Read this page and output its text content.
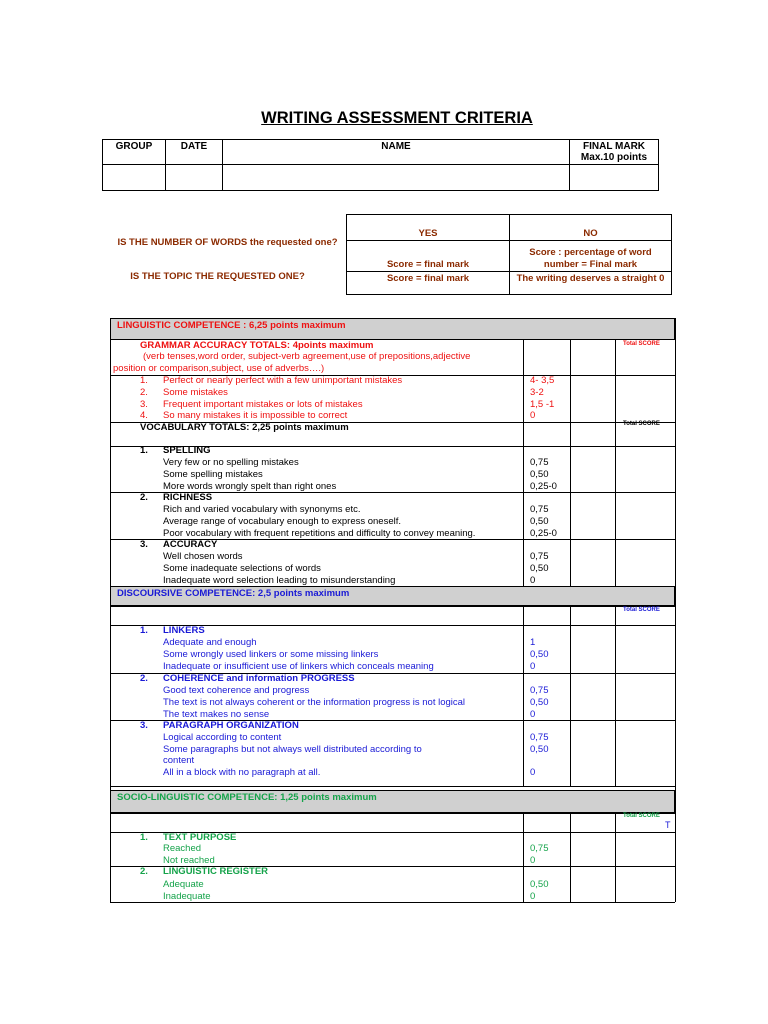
WRITING ASSESSMENT CRITERIA
GROUP	DATE	NAME	FINAL MARK
Max.10 points

IS THE NUMBER OF WORDS the requested one?
IS THE TOPIC THE REQUESTED ONE?
YES	NO
Score = final mark	Score : percentage of word number = Final mark
Score = final mark	The writing deserves a straight 0
LINGUISTIC COMPETENCE : 6,25 points maximum
GRAMMAR ACCURACY TOTALS: 4points maximum
(verb tenses,word order, subject-verb agreement,use of prepositions,adjective
position or comparison,subject, use of adverbs….)
Total SCORE
1. Perfect or nearly perfect with a few unimportant mistakes	4- 3,5
2. Some mistakes	3-2
3. Frequent important mistakes or lots of mistakes	1,5 -1
4. So many mistakes it is impossible to correct	0
VOCABULARY TOTALS: 2,25 points maximum	Total SCORE
1. SPELLING
Very few or no spelling mistakes	0,75
Some spelling mistakes	0,50
More words wrongly spelt than right ones	0,25-0
2. RICHNESS
Rich and varied vocabulary with synonyms etc.	0,75
Average range of vocabulary enough to express oneself.	0,50
Poor vocabulary with frequent repetitions and difficulty to convey meaning.	0,25-0
3. ACCURACY
Well chosen words	0,75
Some inadequate selections of words	0,50
Inadequate word selection leading to misunderstanding	0
DISCOURSIVE COMPETENCE: 2,5 points maximum
Total SCORE
1. LINKERS
Adequate and enough	1
Some wrongly used linkers or some missing linkers	0,50
Inadequate or insufficient use of linkers which conceals meaning	0
2. COHERENCE and information PROGRESS
Good text coherence and progress	0,75
The text is not always coherent or the information progress is not logical	0,50
The text makes no sense	0
3. PARAGRAPH ORGANIZATION
Logical according to content	0,75
Some paragraphs but not always well distributed according to	0,50
content
All in a block with no paragraph at all.	0
SOCIO-LINGUISTIC COMPETENCE: 1,25 points maximum
Total SCORE
T
1. TEXT PURPOSE
Reached	0,75
Not reached	0
2. LINGUISTIC REGISTER
Adequate	0,50
Inadequate	0
